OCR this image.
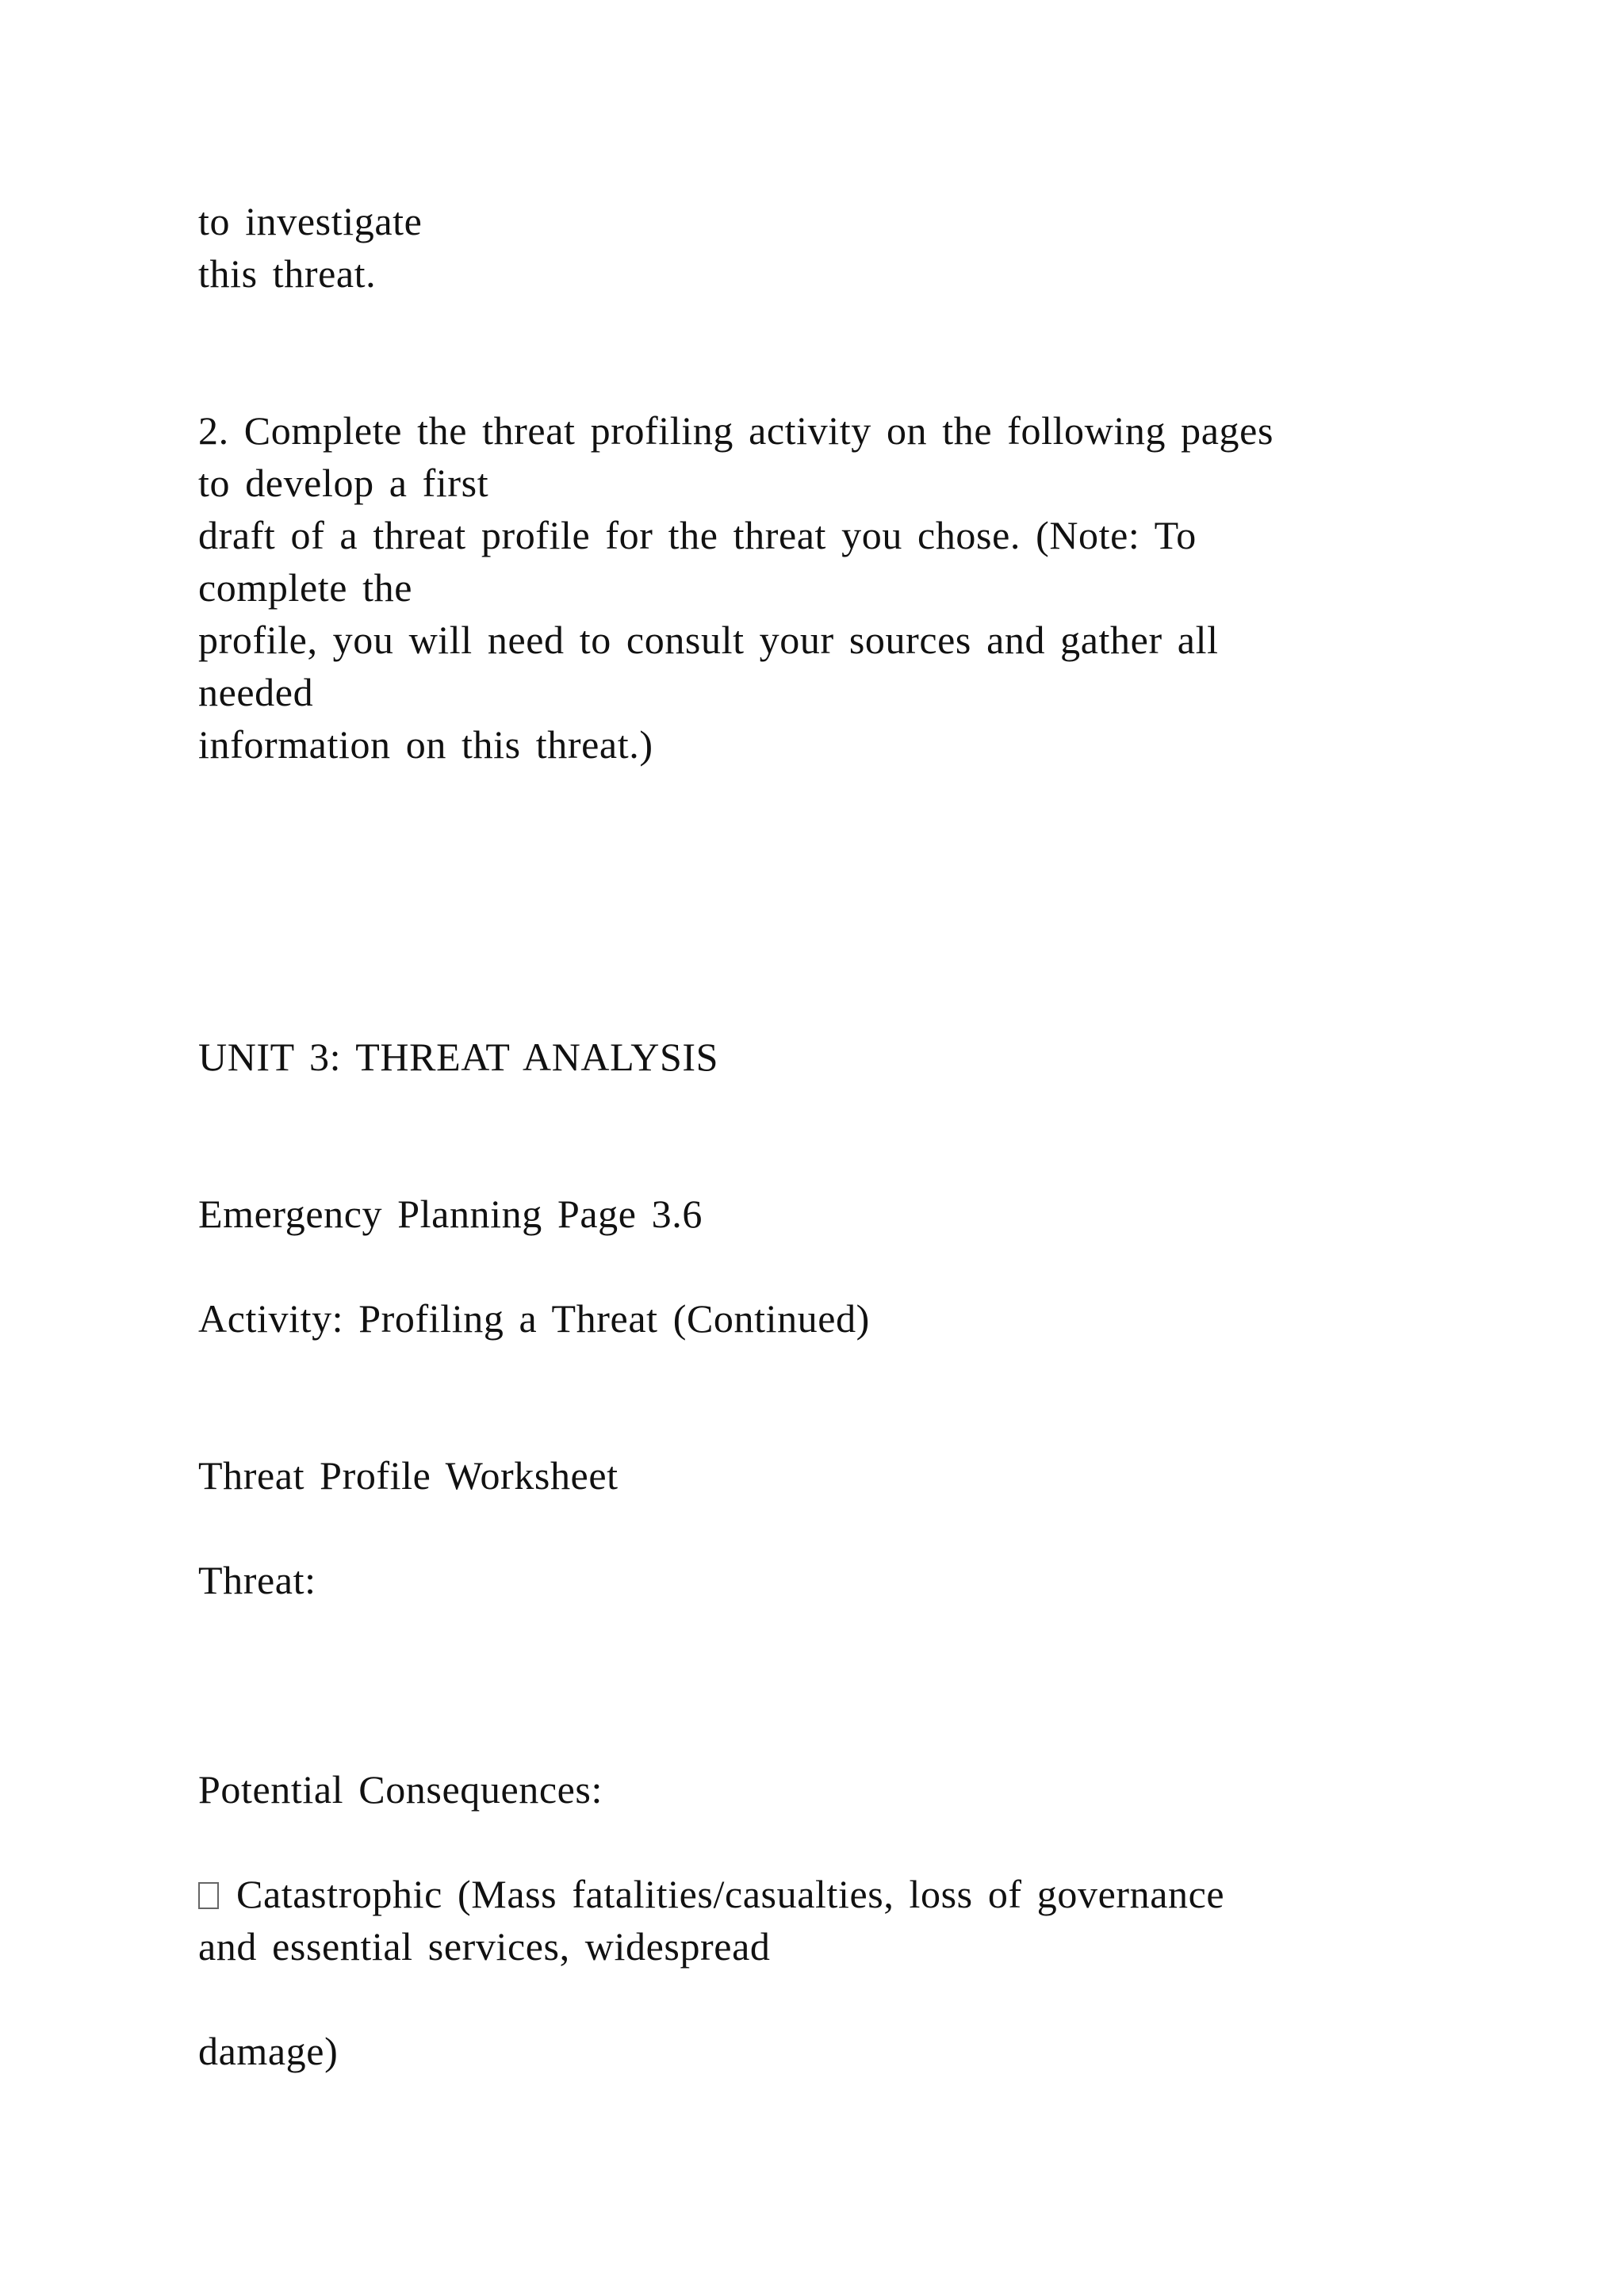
to investigate

this threat.

2. Complete the threat profiling activity on the following pages

to develop a first

draft of a threat profile for the threat you chose. (Note: To

complete the

profile, you will need to consult your sources and gather all

needed

information on this threat.)

UNIT 3: THREAT ANALYSIS

Emergency Planning Page 3.6

Activity: Profiling a Threat (Continued)

Threat Profile Worksheet

Threat:

Potential Consequences:

Catastrophic (Mass fatalities/casualties, loss of governance

and essential services, widespread

damage)
